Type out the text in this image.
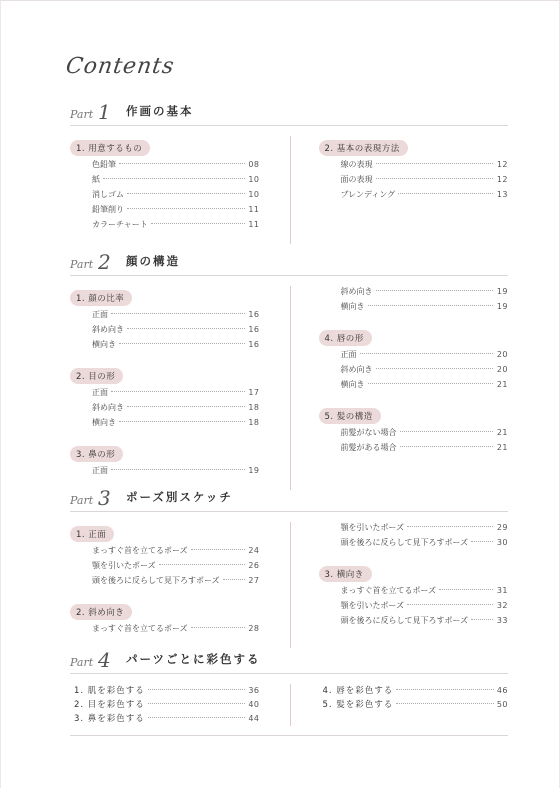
Contents
Part 1 作画の基本
1. 用意するもの
色鉛筆	08
紙	10
消しゴム	10
鉛筆削り	11
カラーチャート	11
2. 基本の表現方法
線の表現	12
面の表現	12
ブレンディング	13
Part 2 顔の構造
1. 顔の比率
正面	16
斜め向き	16
横向き	16
2. 目の形
正面	17
斜め向き	18
横向き	18
3. 鼻の形
正面	19
斜め向き	19
横向き	19
4. 唇の形
正面	20
斜め向き	20
横向き	21
5. 髪の構造
前髪がない場合	21
前髪がある場合	21
Part 3 ポーズ別スケッチ
1. 正面
まっすぐ首を立てるポーズ	24
顎を引いたポーズ	26
頭を後ろに反らして見下ろすポーズ	27
2. 斜め向き
まっすぐ首を立てるポーズ	28
顎を引いたポーズ	29
頭を後ろに反らして見下ろすポーズ	30
3. 横向き
まっすぐ首を立てるポーズ	31
顎を引いたポーズ	32
頭を後ろに反らして見下ろすポーズ	33
Part 4 パーツごとに彩色する
1. 肌を彩色する	36
2. 目を彩色する	40
3. 鼻を彩色する	44
4. 唇を彩色する	46
5. 髪を彩色する	50
